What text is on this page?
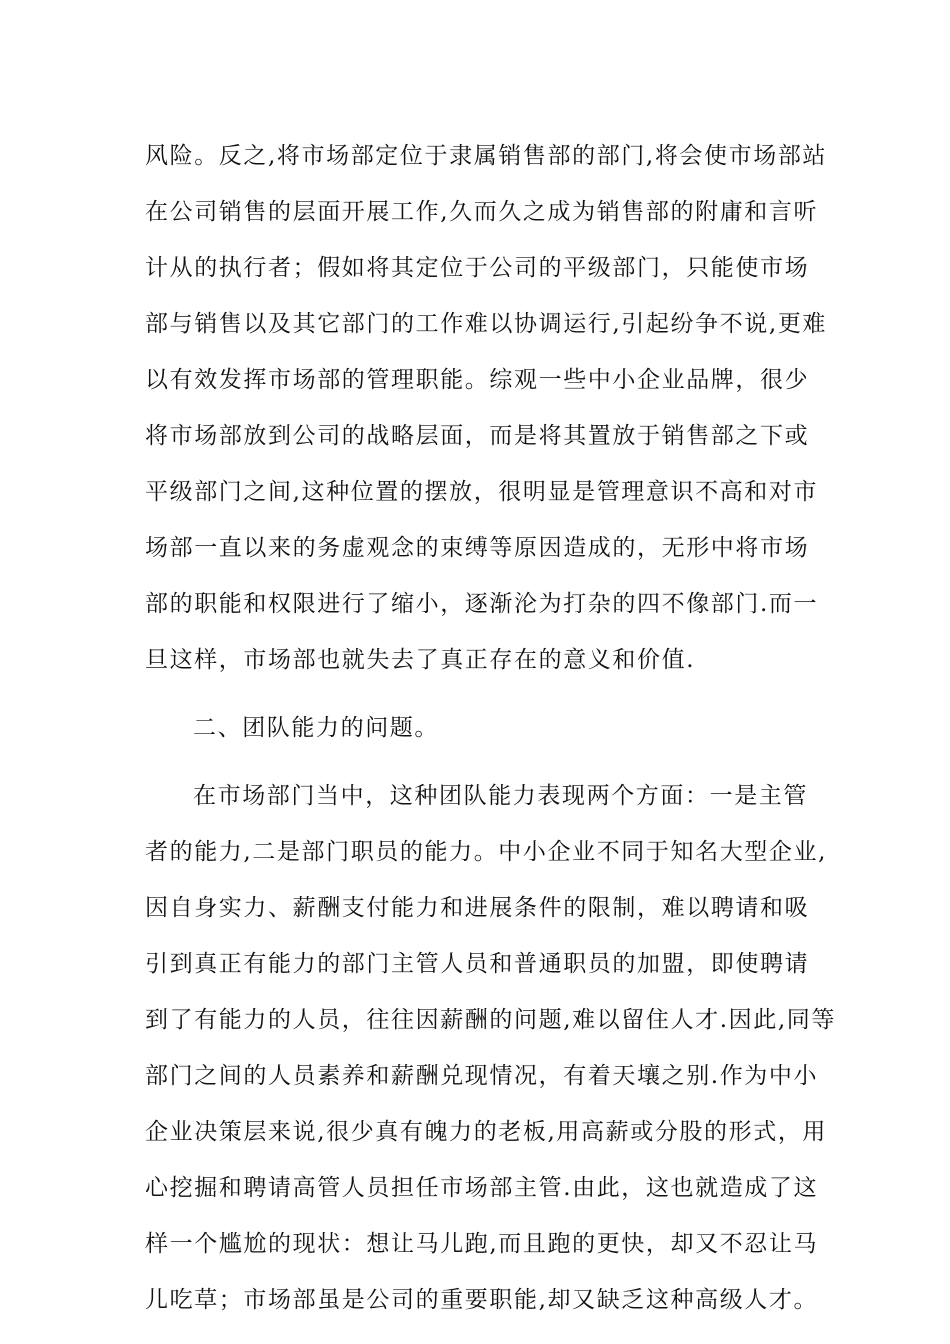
风险。反之,将市场部定位于隶属销售部的部门,将会使市场部站
在公司销售的层面开展工作,久而久之成为销售部的附庸和言听
计从的执行者；假如将其定位于公司的平级部门，只能使市场
部与销售以及其它部门的工作难以协调运行,引起纷争不说,更难
以有效发挥市场部的管理职能。综观一些中小企业品牌，很少
将市场部放到公司的战略层面，而是将其置放于销售部之下或
平级部门之间,这种位置的摆放，很明显是管理意识不高和对市
场部一直以来的务虚观念的束缚等原因造成的，无形中将市场
部的职能和权限进行了缩小，逐渐沦为打杂的四不像部门.而一
旦这样，市场部也就失去了真正存在的意义和价值.
二、团队能力的问题。
在市场部门当中，这种团队能力表现两个方面：一是主管
者的能力,二是部门职员的能力。中小企业不同于知名大型企业,
因自身实力、薪酬支付能力和进展条件的限制，难以聘请和吸
引到真正有能力的部门主管人员和普通职员的加盟，即使聘请
到了有能力的人员，往往因薪酬的问题,难以留住人才.因此,同等
部门之间的人员素养和薪酬兑现情况，有着天壤之别.作为中小
企业决策层来说,很少真有魄力的老板,用高薪或分股的形式，用
心挖掘和聘请高管人员担任市场部主管.由此，这也就造成了这
样一个尴尬的现状：想让马儿跑,而且跑的更快，却又不忍让马
儿吃草；市场部虽是公司的重要职能,却又缺乏这种高级人才。
